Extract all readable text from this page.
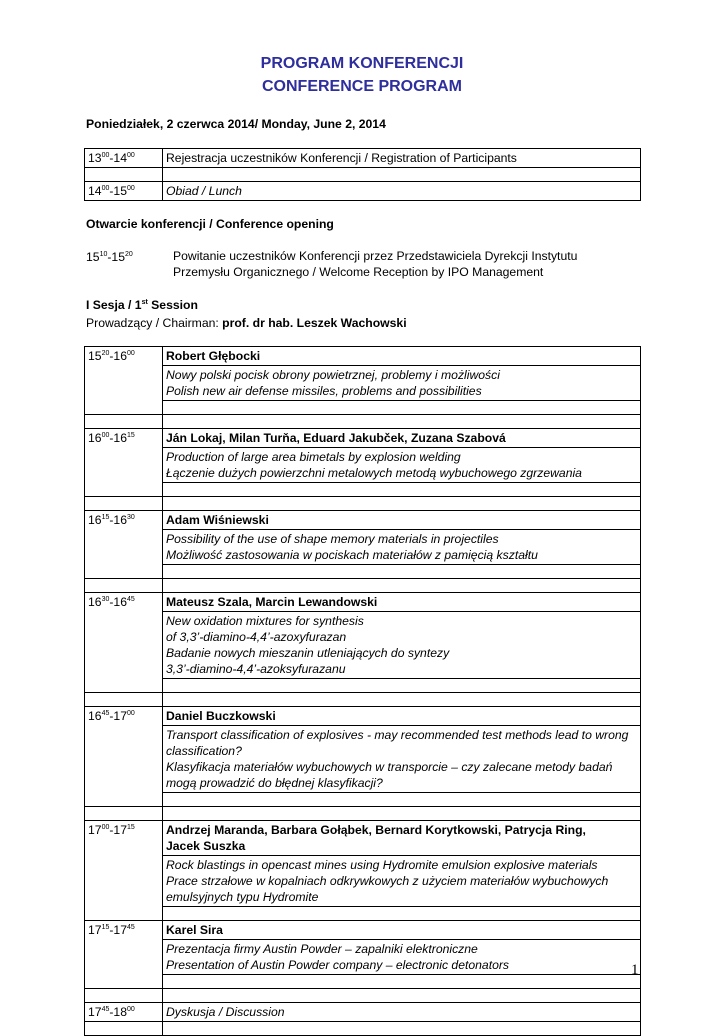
PROGRAM KONFERENCJI
CONFERENCE PROGRAM
Poniedziałek, 2 czerwca 2014/ Monday, June 2, 2014
$13^{00}-14^{00}$	Rejestracja uczestników Konferencji / Registration of Participants

$14^{00}-15^{00}$	Obiad / Lunch
Otwarcie konferencji / Conference opening
$15^{10}-15^{20}$	Powitanie uczestników Konferencji przez Przedstawiciela Dyrekcji Instytutu
Przemysłu Organicznego / Welcome Reception by IPO Management
I Sesja / 1st Session
Prowadzący / Chairman: prof. dr hab. Leszek Wachowski
$15^{20}-16^{00}$	Robert Głębocki

	Nowy polski pocisk obrony powietrznej, problemy i możliwości
Polish new air defense missiles, problems and possibilities

$16^{00}-16^{15}$	Ján Lokaj, Milan Turňa, Eduard Jakubček, Zuzana Szabová

	Production of large area bimetals by explosion welding
Łączenie dużych powierzchni metalowych metodą wybuchowego zgrzewania

$16^{15}-16^{30}$	Adam Wiśniewski

	Possibility of the use of shape memory materials in projectiles
Możliwość zastosowania w pociskach materiałów z pamięcią kształtu

$16^{30}-16^{45}$	Mateusz Szala, Marcin Lewandowski

	New oxidation mixtures for synthesis
of 3,3’-diamino-4,4’-azoxyfurazan
Badanie nowych mieszanin utleniających do syntezy
3,3’-diamino-4,4’-azoksyfurazanu

$16^{45}-17^{00}$	Daniel Buczkowski

	Transport classification of explosives - may recommended test methods lead to wrong
classification?
Klasyfikacja materiałów wybuchowych w transporcie – czy zalecane metody badań
mogą prowadzić do błędnej klasyfikacji?

$17^{00}-17^{15}$	Andrzej Maranda, Barbara Gołąbek, Bernard Korytkowski, Patrycja Ring,
Jacek Suszka

	Rock blastings in opencast mines using Hydromite emulsion explosive materials
Prace strzałowe w kopalniach odkrywkowych z użyciem materiałów wybuchowych
emulsyjnych typu Hydromite

$17^{15}-17^{45}$	Karel Sira

	Prezentacja firmy Austin Powder – zapalniki elektroniczne
Presentation of Austin Powder company – electronic detonators

$17^{45}-18^{00}$	Dyskusja / Discussion

1
